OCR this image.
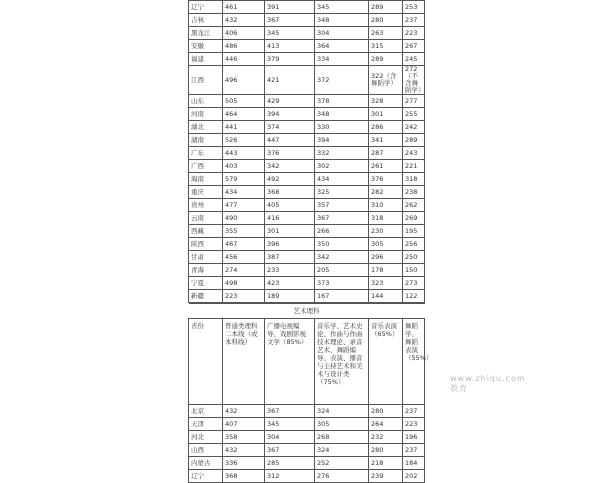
辽宁	461	391	345	289	253
吉林	432	367	348	280	237
黑龙江	406	345	304	263	223
安徽	486	413	364	315	267
福建	446	379	334	289	245
江西	496	421	372	322（含舞蹈学）	272（不含舞蹈学）
山东	505	429	378	328	277
河南	464	394	348	301	255
湖北	441	374	330	286	242
湖南	526	447	394	341	289
广东	443	376	332	287	243
广西	403	342	302	261	221
海南	579	492	434	376	318
重庆	434	368	325	282	238
贵州	477	405	357	310	262
云南	490	416	367	318	269
西藏	355	301	266	230	195
陕西	467	396	350	305	256
甘肃	456	387	342	296	250
青海	274	233	205	178	150
宁夏	498	423	373	323	273
新疆	223	189	167	144	122
艺术理科					
省份	普通类理科二本线（或本科线）	广播电视编导、戏剧影视文学（85%）	音乐学、艺术史论、作曲与作曲技术理论、录音艺术、舞蹈编导、表演、播音与主持艺术和美术与设计类（75%）	音乐表演（65%）	舞蹈学、舞蹈表演（55%）
北京	432	367	324	280	237
天津	407	345	305	264	223
河北	358	304	268	232	196
山西	432	367	324	280	237
内蒙古	336	285	252	218	184
辽宁	368	312	276	239	202
www.zhiqu.com 教育
